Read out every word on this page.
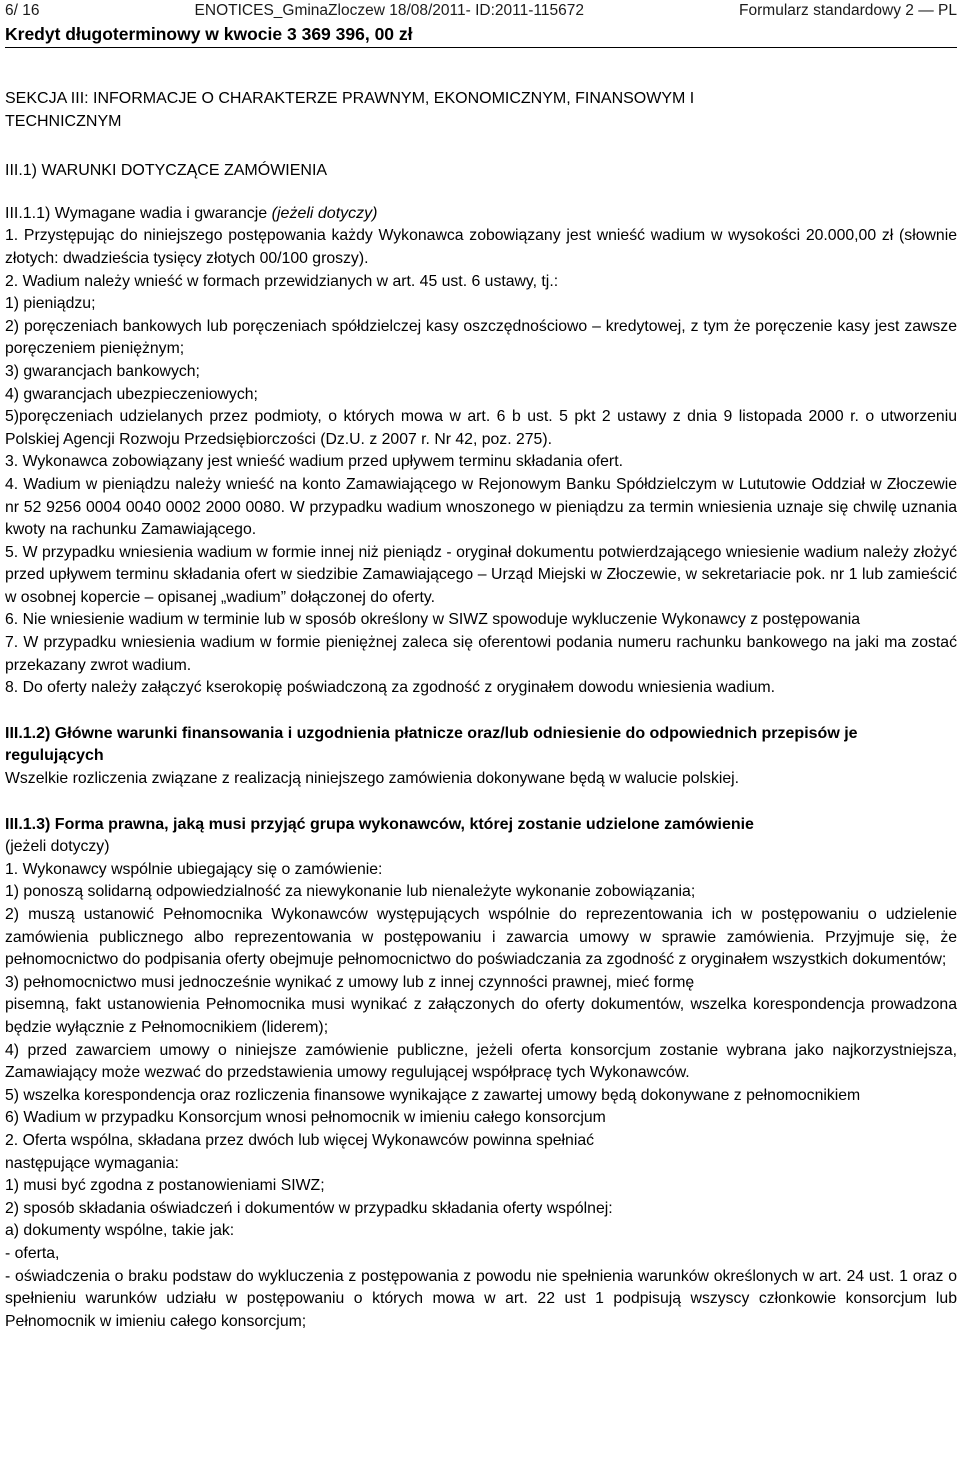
6/ 16	ENOTICES_GminaZloczew 18/08/2011- ID:2011-115672	Formularz standardowy 2 — PL
Kredyt długoterminowy w kwocie 3 369 396, 00 zł
SEKCJA III: INFORMACJE O CHARAKTERZE PRAWNYM, EKONOMICZNYM, FINANSOWYM I
TECHNICZNYM
III.1) WARUNKI DOTYCZĄCE ZAMÓWIENIA
III.1.1) Wymagane wadia i gwarancje (jeżeli dotyczy)

1. Przystępując do niniejszego postępowania każdy Wykonawca zobowiązany jest wnieść wadium w wysokości 20.000,00 zł (słownie złotych: dwadzieścia tysięcy złotych 00/100 groszy).

2. Wadium należy wnieść w formach przewidzianych w art. 45 ust. 6 ustawy, tj.:

1) pieniądzu;

2) poręczeniach bankowych lub poręczeniach spółdzielczej kasy oszczędnościowo – kredytowej, z tym że poręczenie kasy jest zawsze poręczeniem pieniężnym;

3) gwarancjach bankowych;

4) gwarancjach ubezpieczeniowych;

5)poręczeniach udzielanych przez podmioty, o których mowa w art. 6 b ust. 5 pkt 2 ustawy z dnia 9 listopada 2000 r. o utworzeniu Polskiej Agencji Rozwoju Przedsiębiorczości (Dz.U. z 2007 r. Nr 42, poz. 275).

3. Wykonawca zobowiązany jest wnieść wadium przed upływem terminu składania ofert.

4. Wadium w pieniądzu należy wnieść na konto Zamawiającego w Rejonowym Banku Spółdzielczym w Lututowie Oddział w Złoczewie nr 52 9256 0004 0040 0002 2000 0080. W przypadku wadium wnoszonego w pieniądzu za termin wniesienia uznaje się chwilę uznania kwoty na rachunku Zamawiającego.

5. W przypadku wniesienia wadium w formie innej niż pieniądz - oryginał dokumentu potwierdzającego wniesienie wadium należy złożyć przed upływem terminu składania ofert w siedzibie Zamawiającego – Urząd Miejski w Złoczewie, w sekretariacie pok. nr 1 lub zamieścić w osobnej kopercie – opisanej „wadium” dołączonej do oferty.

6. Nie wniesienie wadium w terminie lub w sposób określony w SIWZ spowoduje wykluczenie Wykonawcy z postępowania

7. W przypadku wniesienia wadium w formie pieniężnej zaleca się oferentowi podania numeru rachunku bankowego na jaki ma zostać przekazany zwrot wadium.

8. Do oferty należy załączyć kserokopię poświadczoną za zgodność z oryginałem dowodu wniesienia wadium.

III.1.2) Główne warunki finansowania i uzgodnienia płatnicze oraz/lub odniesienie do odpowiednich przepisów je regulujących

Wszelkie rozliczenia związane z realizacją niniejszego zamówienia dokonywane będą w walucie polskiej.

III.1.3) Forma prawna, jaką musi przyjąć grupa wykonawców, której zostanie udzielone zamówienie

(jeżeli dotyczy)

1. Wykonawcy wspólnie ubiegający się o zamówienie:

1) ponoszą solidarną odpowiedzialność za niewykonanie lub nienależyte wykonanie zobowiązania;

2) muszą ustanowić Pełnomocnika Wykonawców występujących wspólnie do reprezentowania ich w postępowaniu o udzielenie zamówienia publicznego albo reprezentowania w postępowaniu i zawarcia umowy w sprawie zamówienia. Przyjmuje się, że pełnomocnictwo do podpisania oferty obejmuje pełnomocnictwo do poświadczania za zgodność z oryginałem wszystkich dokumentów;

3) pełnomocnictwo musi jednocześnie wynikać z umowy lub z innej czynności prawnej, mieć formę

pisemną, fakt ustanowienia Pełnomocnika musi wynikać z załączonych do oferty dokumentów, wszelka korespondencja prowadzona będzie wyłącznie z Pełnomocnikiem (liderem);

4) przed zawarciem umowy o niniejsze zamówienie publiczne, jeżeli oferta konsorcjum zostanie wybrana jako najkorzystniejsza, Zamawiający może wezwać do przedstawienia umowy regulującej współpracę tych Wykonawców.

5) wszelka korespondencja oraz rozliczenia finansowe wynikające z zawartej umowy będą dokonywane z pełnomocnikiem

6) Wadium w przypadku Konsorcjum wnosi pełnomocnik w imieniu całego konsorcjum

2. Oferta wspólna, składana przez dwóch lub więcej Wykonawców powinna spełniać

następujące wymagania:

1) musi być zgodna z postanowieniami SIWZ;

2) sposób składania oświadczeń i dokumentów w przypadku składania oferty wspólnej:

a) dokumenty wspólne, takie jak:

- oferta,

- oświadczenia o braku podstaw do wykluczenia z postępowania z powodu nie spełnienia warunków określonych w art. 24 ust. 1 oraz o spełnieniu warunków udziału w postępowaniu o których mowa w art. 22 ust 1 podpisują wszyscy członkowie konsorcjum lub Pełnomocnik w imieniu całego konsorcjum;
